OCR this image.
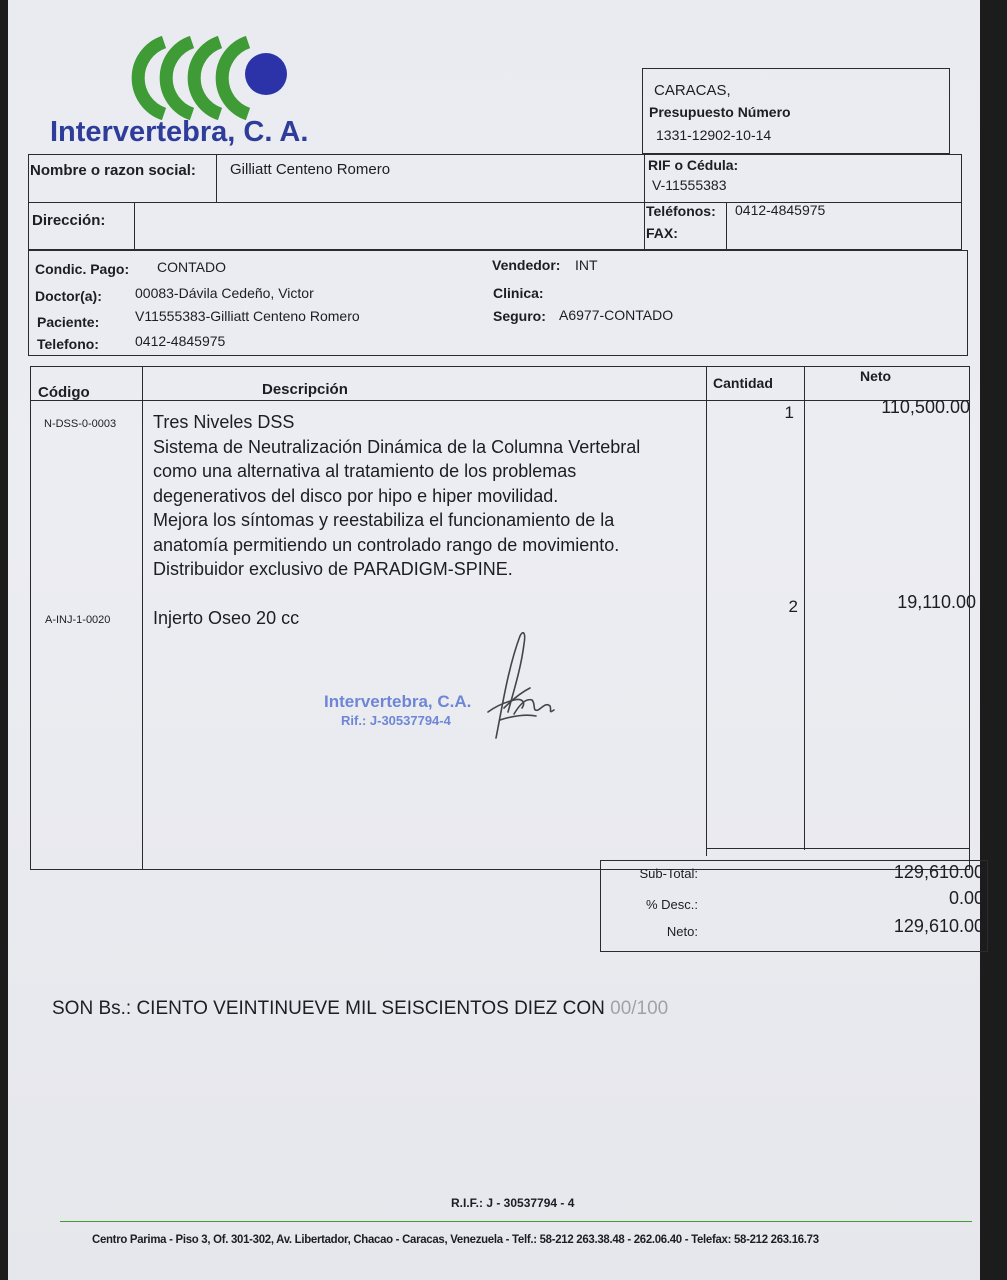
Intervertebra, C. A.
CARACAS,
Presupuesto Número
1331-12902-10-14
Nombre o razon social: Gilliatt Centeno Romero	RIF o Cédula:
V-11555383
Dirección:
Teléfonos: 0412-4845975
FAX:
Condic. Pago: CONTADO	Vendedor: INT
Doctor(a): 00083-Dávila Cedeño, Victor	Clinica:
Paciente:	V11555383-Gilliatt Centeno Romero	Seguro: A6977-CONTADO
Telefono:	0412-4845975
Código	Descripción	Cantidad	Neto
N-DSS-0-0003 Tres Niveles DSS
Sistema de Neutralización Dinámica de la Columna Vertebral
como una alternativa al tratamiento de los problemas
degenerativos del disco por hipo e hiper movilidad.
Mejora los síntomas y reestabiliza el funcionamiento de la
anatomía permitiendo un controlado rango de movimiento.
Distribuidor exclusivo de PARADIGM-SPINE.
1	110,500.00
A-INJ-1-0020 Injerto Oseo 20 cc
2	19,110.00
Intervertebra, C.A.
Rif.: J-30537794-4
Sub-Total:	129,610.00
% Desc.:	0.00
Neto:	129,610.00
SON Bs.: CIENTO VEINTINUEVE MIL SEISCIENTOS DIEZ CON 00/100
R.I.F.: J - 30537794 - 4
Centro Parima - Piso 3, Of. 301-302, Av. Libertador, Chacao - Caracas, Venezuela - Telf.: 58-212 263.38.48 - 262.06.40 - Telefax: 58-212 263.16.73
